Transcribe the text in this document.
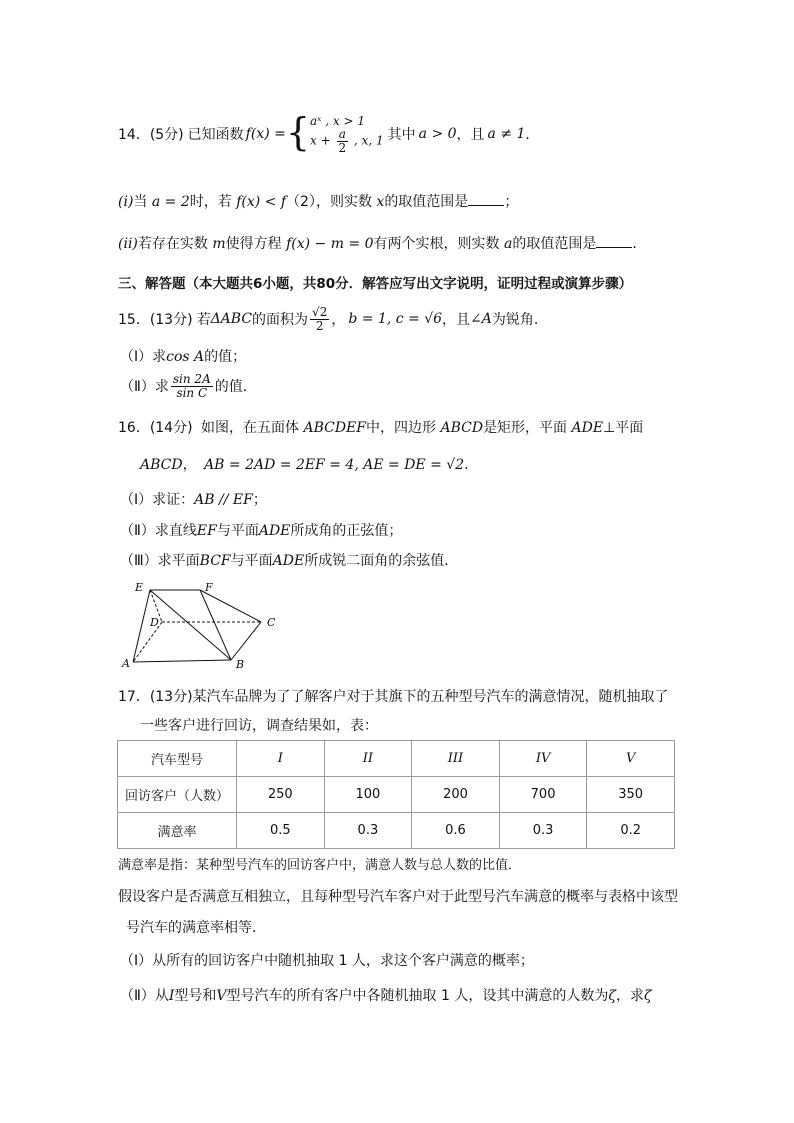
14．(5分) 已知函数 f(x) = { aˣ , x > 1
$x + \frac{a}{2}$ , x, 1 其中 a > 0 ，且 a ≠ 1 ．
(i)当 a = 2时，若 f(x) < f（2），则实数 x的取值范围是	；
(ii)若存在实数 m使得方程 f(x) − m = 0有两个实根，则实数 a的取值范围是	．
三、解答题（本大题共6小题，共80分．解答应写出文字说明，证明过程或演算步骤）
15．(13分) 若 ΔABC 的面积为 $\frac{√2}{2}$ ， b = 1, c = √6 ，且 ∠A 为锐角．
（Ⅰ）求cos A的值；
（Ⅱ）求 $\frac{\sin 2A}{\text{sin C}}$ 的值．
16．(14分) 如图，在五面体 ABCDEF中，四边形 ABCD是矩形，平面 ADE⊥平面
ABCD， AB = 2AD = 2EF = 4, AE = DE = √2．
（Ⅰ）求证：AB // EF；
（Ⅱ）求直线EF与平面ADE所成角的正弦值；
（Ⅲ）求平面BCF与平面ADE所成锐二面角的余弦值．
E	F
D	C
A	B
17．(13分)某汽车品牌为了了解客户对于其旗下的五种型号汽车的满意情况，随机抽取了
一些客户进行回访，调查结果如，表：
汽车型号	I	II	III	IV	V
回访客户（人数）	250	100	200	700	350
满意率	0.5	0.3	0.6	0.3	0.2
满意率是指：某种型号汽车的回访客户中，满意人数与总人数的比值．
假设客户是否满意互相独立，且每种型号汽车客户对于此型号汽车满意的概率与表格中该型
号汽车的满意率相等．
（Ⅰ）从所有的回访客户中随机抽取 1 人，求这个客户满意的概率；
（Ⅱ）从I型号和V型号汽车的所有客户中各随机抽取 1 人，设其中满意的人数为ζ，求ζ
